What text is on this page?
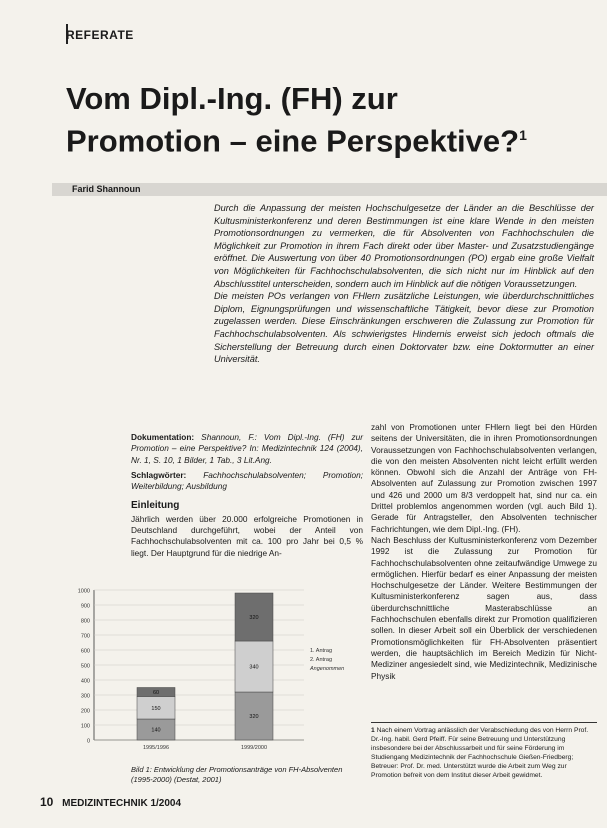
REFERATE
Vom Dipl.-Ing. (FH) zur
Promotion – eine Perspektive?$^1$
Farid Shannoun

Durch die Anpassung der meisten Hochschulgesetze der Länder an die Beschlüsse der Kultusministerkonferenz und deren Bestimmungen ist eine klare Wende in den meisten Promotionsordnungen zu vermerken, die für Absolventen von Fachhochschulen die Möglichkeit zur Promotion in ihrem Fach direkt oder über Master- und Zusatzstudiengänge eröffnet. Die Auswertung von über 40 Promotionsordnungen (PO) ergab eine große Vielfalt von Möglichkeiten für Fachhochschulabsolventen, die sich nicht nur im Hinblick auf den Abschlusstitel unterscheiden, sondern auch im Hinblick auf die nötigen Voraussetzungen.

Die meisten POs verlangen von FHlern zusätzliche Leistungen, wie überdurchschnittliches Diplom, Eignungsprüfungen und wissenschaftliche Tätigkeit, bevor diese zur Promotion zugelassen werden. Diese Einschränkungen erschweren die Zulassung zur Promotion für Fachhochschulabsolventen. Als schwierigstes Hindernis erweist sich jedoch oftmals die Sicherstellung der Betreuung durch einen Doktorvater bzw. eine Doktormutter an einer Universität.

Dokumentation: Shannoun, F.: Vom Dipl.-Ing. (FH) zur Promotion – eine Perspektive? In: Medizintechnik 124 (2004), Nr. 1, S. 10, 1 Bilder, 1 Tab., 3 Lit.Ang.

Schlagwörter: Fachhochschulabsolventen; Promotion; Weiterbildung; Ausbildung

Einleitung

Jährlich werden über 20.000 erfolgreiche Promotionen in Deutschland durchgeführt, wobei der Anteil von Fachhochschulabsolventen mit ca. 100 pro Jahr bei 0,5 % liegt. Der Hauptgrund für die niedrige An-

0
100
200
300
400
500
600
700
800
900
1000
1995/1996	1999/2000
140
150
60
320
340
320
1. Antrag
2. Antrag
Angenommen
Bild 1: Entwicklung der Promotionsanträge von FH-Absolventen (1995-2000) (Destat, 2001)

zahl von Promotionen unter FHlern liegt bei den Hürden seitens der Universitäten, die in ihren Promotionsordnungen Voraussetzungen von Fachhochschulabsolventen verlangen, die von den meisten Absolventen nicht leicht erfüllt werden können. Obwohl sich die Anzahl der Anträge von FH-Absolventen auf Zulassung zur Promotion zwischen 1997 und 426 und 2000 um 8/3 verdoppelt hat, sind nur ca. ein Drittel problemlos angenommen worden (vgl. auch Bild 1). Gerade für Antragsteller, den Absolventen technischer Fachrichtungen, wie dem Dipl.-Ing. (FH).

Nach Beschluss der Kultusministerkonferenz vom Dezember 1992 ist die Zulassung zur Promotion für Fachhochschulabsolventen ohne zeitaufwändige Umwege zu ermöglichen. Hierfür bedarf es einer Anpassung der meisten Hochschulgesetze der Länder. Weitere Bestimmungen der Kultusministerkonferenz sagen aus, dass überdurchschnittliche Masterabschlüsse an Fachhochschulen ebenfalls direkt zur Promotion qualifizieren sollen. In dieser Arbeit soll ein Überblick der verschiedenen Promotionsmöglichkeiten für FH-Absolventen präsentiert werden, die hauptsächlich im Bereich Medizin für Nicht-Mediziner angesiedelt sind, wie Medizintechnik, Medizinische Physik

1 Nach einem Vortrag anlässlich der Verabschiedung des von Herrn Prof. Dr.-Ing. habil. Gerd Pfeiff. Für seine Betreuung und Unterstützung insbesondere bei der Abschlussarbeit und für seine Förderung im Studiengang Medizintechnik der Fachhochschule Gießen-Friedberg; Betreuer: Prof. Dr. med. Unterstützt wurde die Arbeit zum Weg zur Promotion befreit von dem Institut dieser Arbeit gewidmet.
10 MEDIZINTECHNIK 1/2004
